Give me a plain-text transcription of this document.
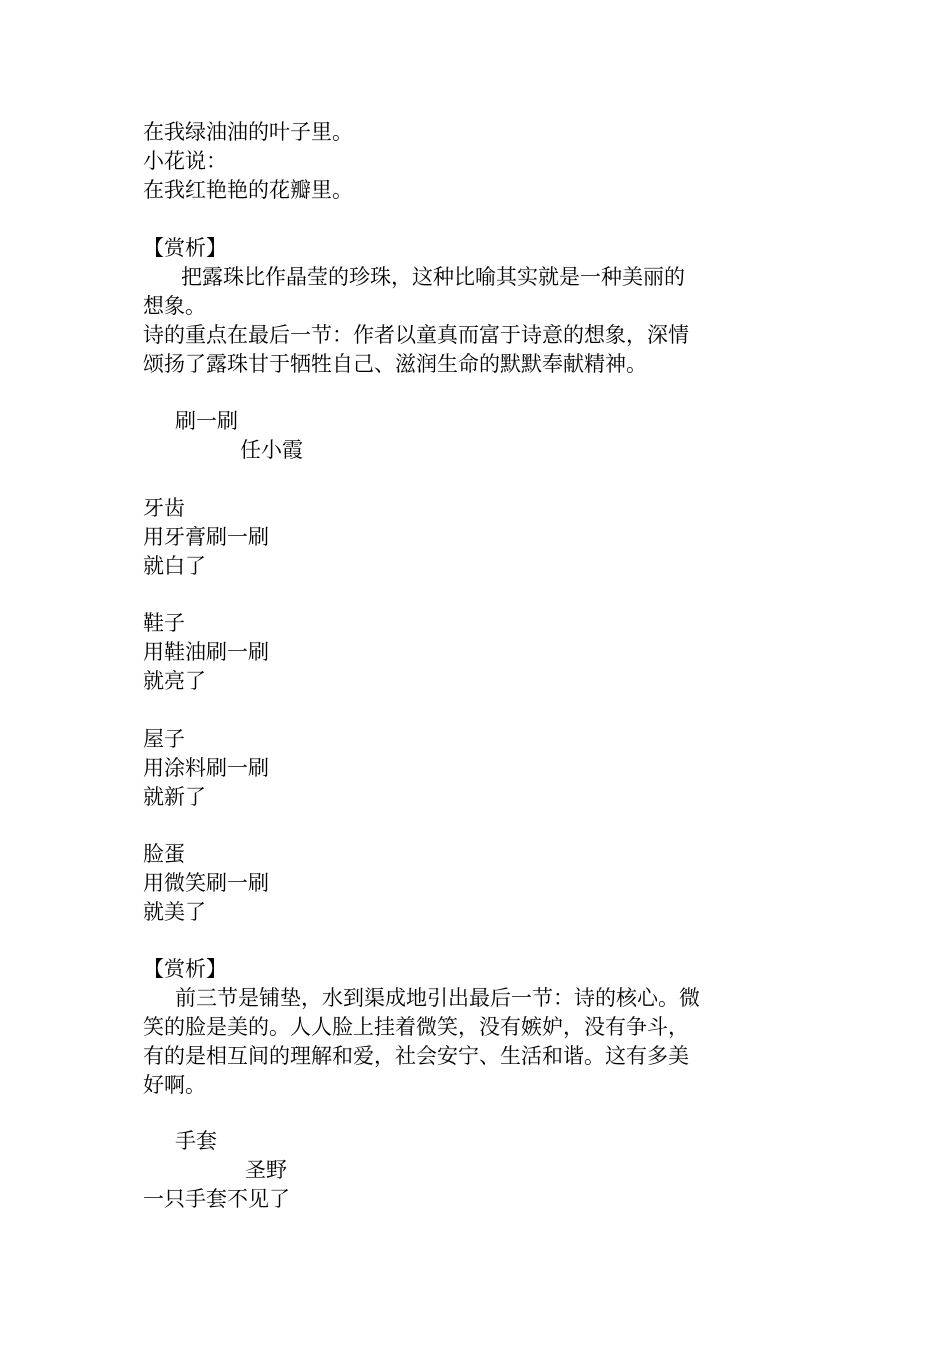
在我绿油油的叶子里。
小花说：
在我红艳艳的花瓣里。
【赏析】
把露珠比作晶莹的珍珠，这种比喻其实就是一种美丽的
想象。
诗的重点在最后一节：作者以童真而富于诗意的想象，深情
颂扬了露珠甘于牺牲自己、滋润生命的默默奉献精神。
刷一刷
任小霞
牙齿
用牙膏刷一刷
就白了
鞋子
用鞋油刷一刷
就亮了
屋子
用涂料刷一刷
就新了
脸蛋
用微笑刷一刷
就美了
【赏析】
前三节是铺垫，水到渠成地引出最后一节：诗的核心。微
笑的脸是美的。人人脸上挂着微笑，没有嫉妒，没有争斗，
有的是相互间的理解和爱，社会安宁、生活和谐。这有多美
好啊。
手套
圣野
一只手套不见了
